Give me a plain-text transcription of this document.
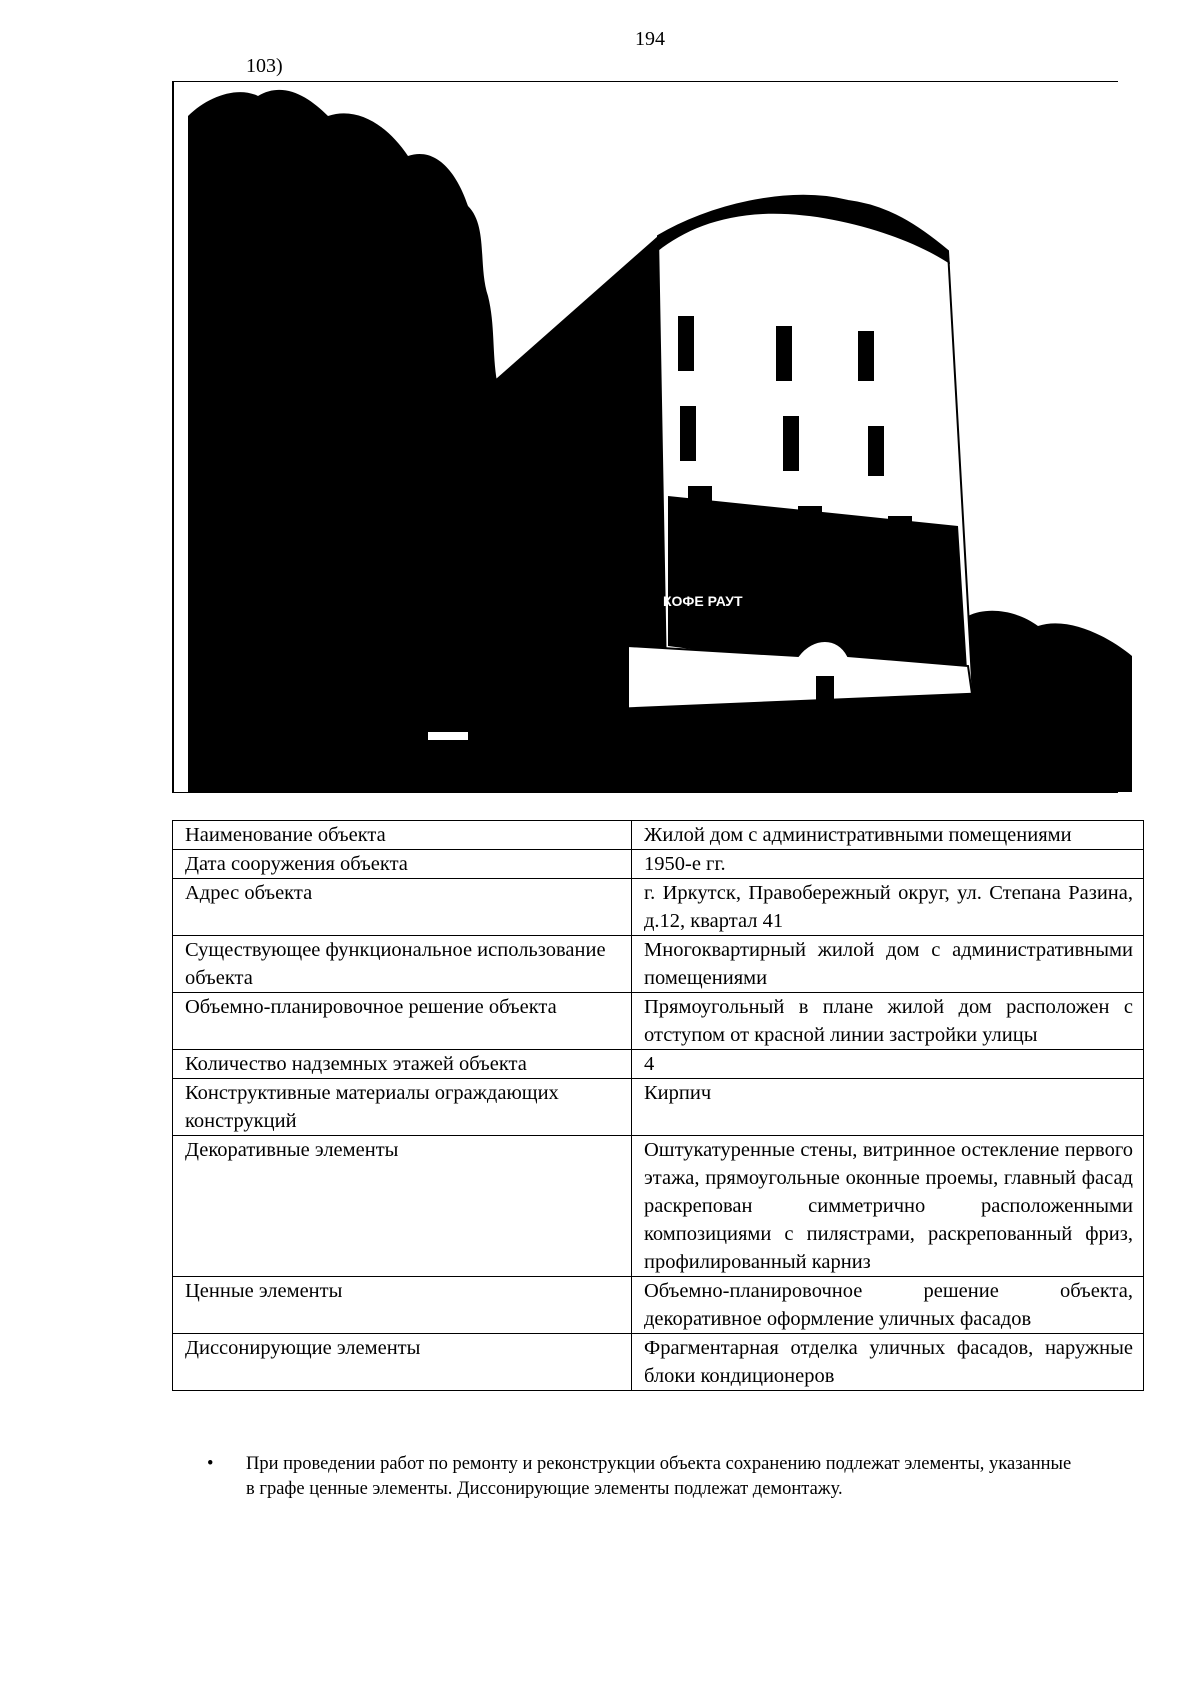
194
103)
КОФЕ РАУТ
Наименование объекта	Жилой дом с административными помещениями
Дата сооружения объекта	1950-е гг.
Адрес объекта	г. Иркутск, Правобережный округ, ул. Степана Разина, д.12, квартал 41
Существующее функциональное использование объекта	Многоквартирный жилой дом с административными помещениями
Объемно-планировочное решение объекта	Прямоугольный в плане жилой дом расположен с отступом от красной линии застройки улицы
Количество надземных этажей объекта	4
Конструктивные материалы ограждающих конструкций	Кирпич
Декоративные элементы	Оштукатуренные стены, витринное остекление первого этажа, прямоугольные оконные проемы, главный фасад раскрепован симметрично расположенными композициями с пилястрами, раскрепованный фриз, профилированный карниз
Ценные элементы	Объемно-планировочное решение объекта, декоративное оформление уличных фасадов
Диссонирующие элементы	Фрагментарная отделка уличных фасадов, наружные блоки кондиционеров
• При проведении работ по ремонту и реконструкции объекта сохранению подлежат элементы, указанные в графе ценные элементы. Диссонирующие элементы подлежат демонтажу.
